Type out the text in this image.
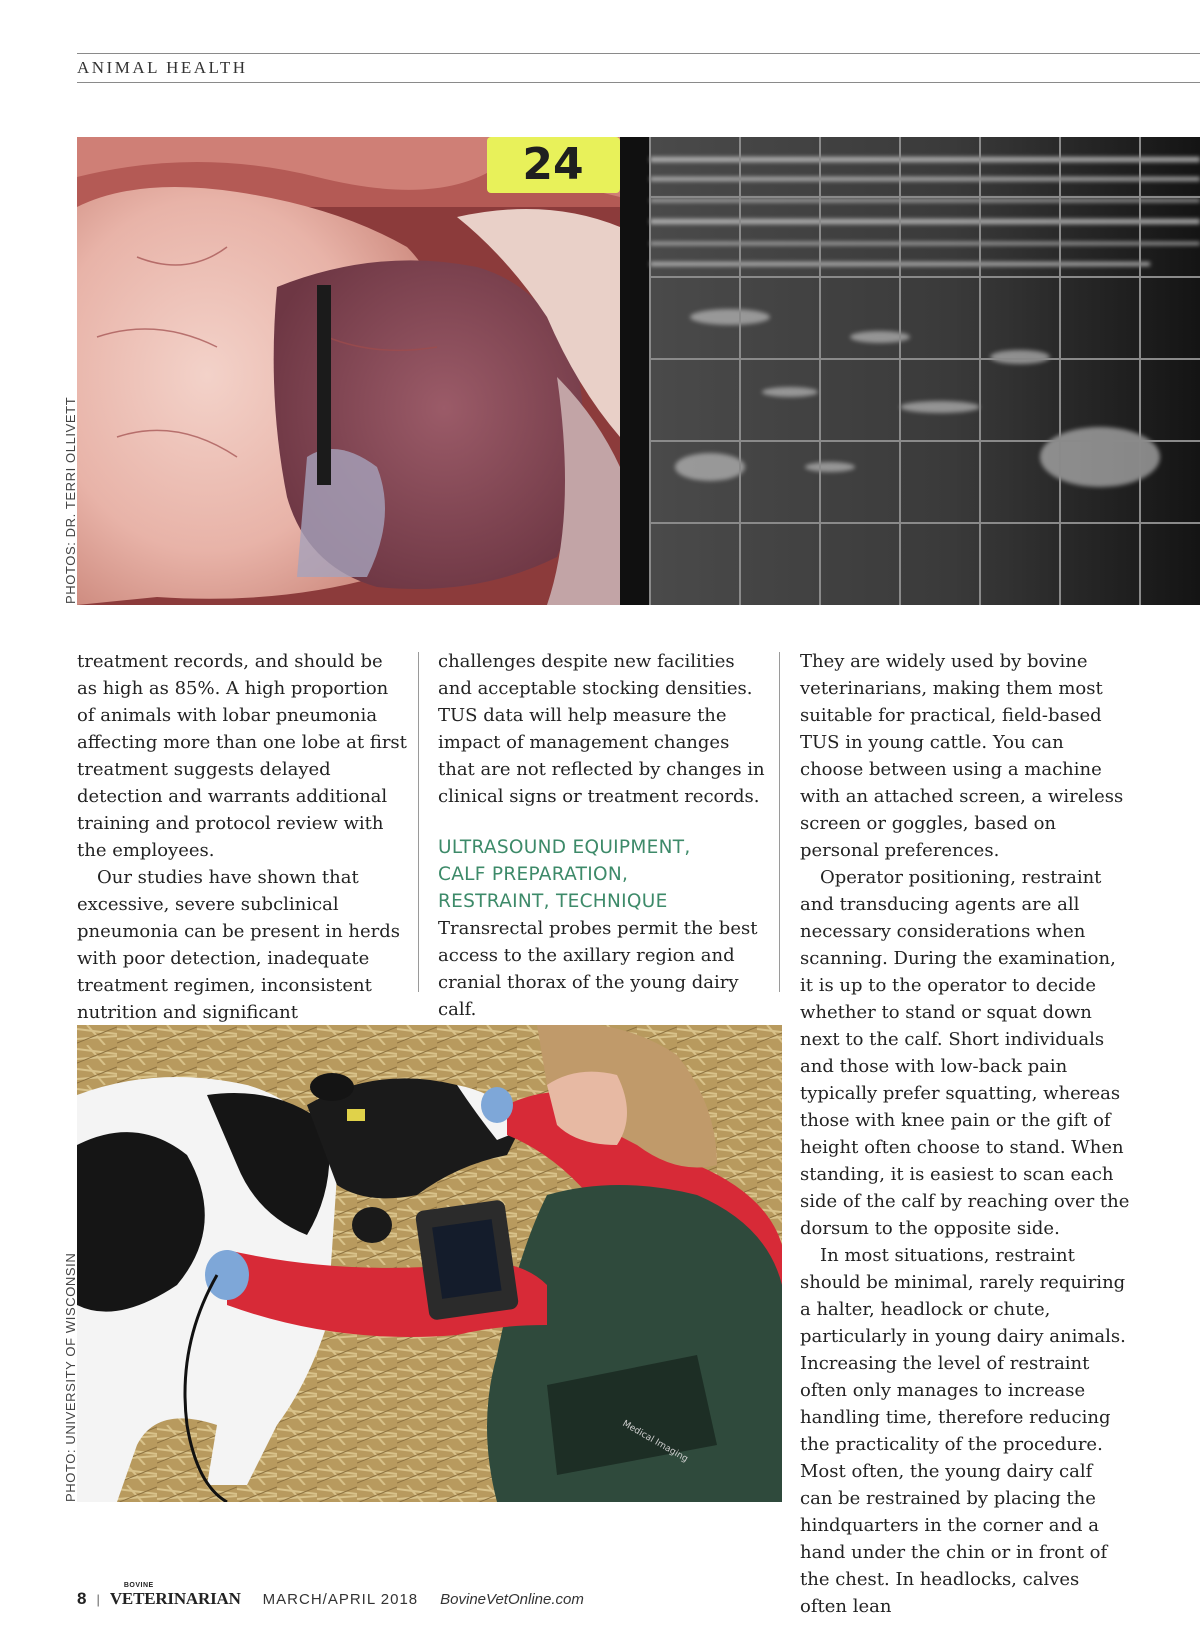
ANIMAL HEALTH
24
PHOTOS: DR. TERRI OLLIVETT

treatment records, and should be as high as 85%. A high proportion of animals with lobar pneumonia affecting more than one lobe at first treatment suggests delayed detection and warrants additional training and protocol review with the employees.

Our studies have shown that excessive, severe subclinical pneumonia can be present in herds with poor detection, inadequate treatment regimen, inconsistent nutrition and significant

challenges despite new facilities and acceptable stocking densities. TUS data will help measure the impact of management changes that are not reflected by changes in clinical signs or treatment records.

ULTRASOUND EQUIPMENT,
CALF PREPARATION,
RESTRAINT, TECHNIQUE

Transrectal probes permit the best access to the axillary region and cranial thorax of the young dairy calf.

They are widely used by bovine veterinarians, making them most suitable for practical, field-based TUS in young cattle. You can choose between using a machine with an attached screen, a wireless screen or goggles, based on personal preferences.

Operator positioning, restraint and transducing agents are all necessary considerations when scanning. During the examination, it is up to the operator to decide whether to stand or squat down next to the calf. Short individuals and those with low-back pain typically prefer squatting, whereas those with knee pain or the gift of height often choose to stand. When standing, it is easiest to scan each side of the calf by reaching over the dorsum to the opposite side.

In most situations, restraint should be minimal, rarely requiring a halter, headlock or chute, particularly in young dairy animals. Increasing the level of restraint often only manages to increase handling time, therefore reducing the practicality of the procedure. Most often, the young dairy calf can be restrained by placing the hindquarters in the corner and a hand under the chin or in front of the chest. In headlocks, calves often lean

Medical Imaging
PHOTO: UNIVERSITY OF WISCONSIN
8 |
BOVINE
VETERINARIAN MARCH/APRIL 2018 BovineVetOnline.com
